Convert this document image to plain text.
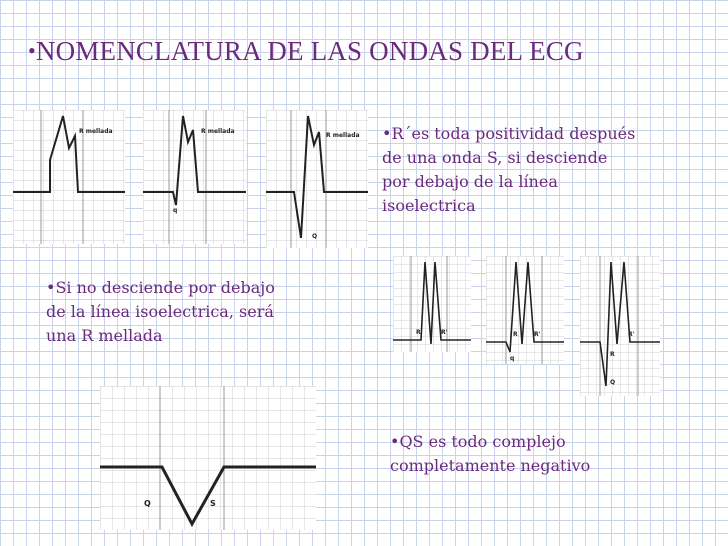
•NOMENCLATURA DE LAS ONDAS DEL ECG
R mellada	R mellada
q
R mellada
Q
•R´es toda positividad después
de una onda S, si desciende
por debajo de la línea
isoelectrica
R	R'	R	R'
q
R
R'
Q
•Si no desciende por debajo
de la línea isoelectrica, será
una R mellada
Q	S
•QS es todo complejo
completamente negativo
